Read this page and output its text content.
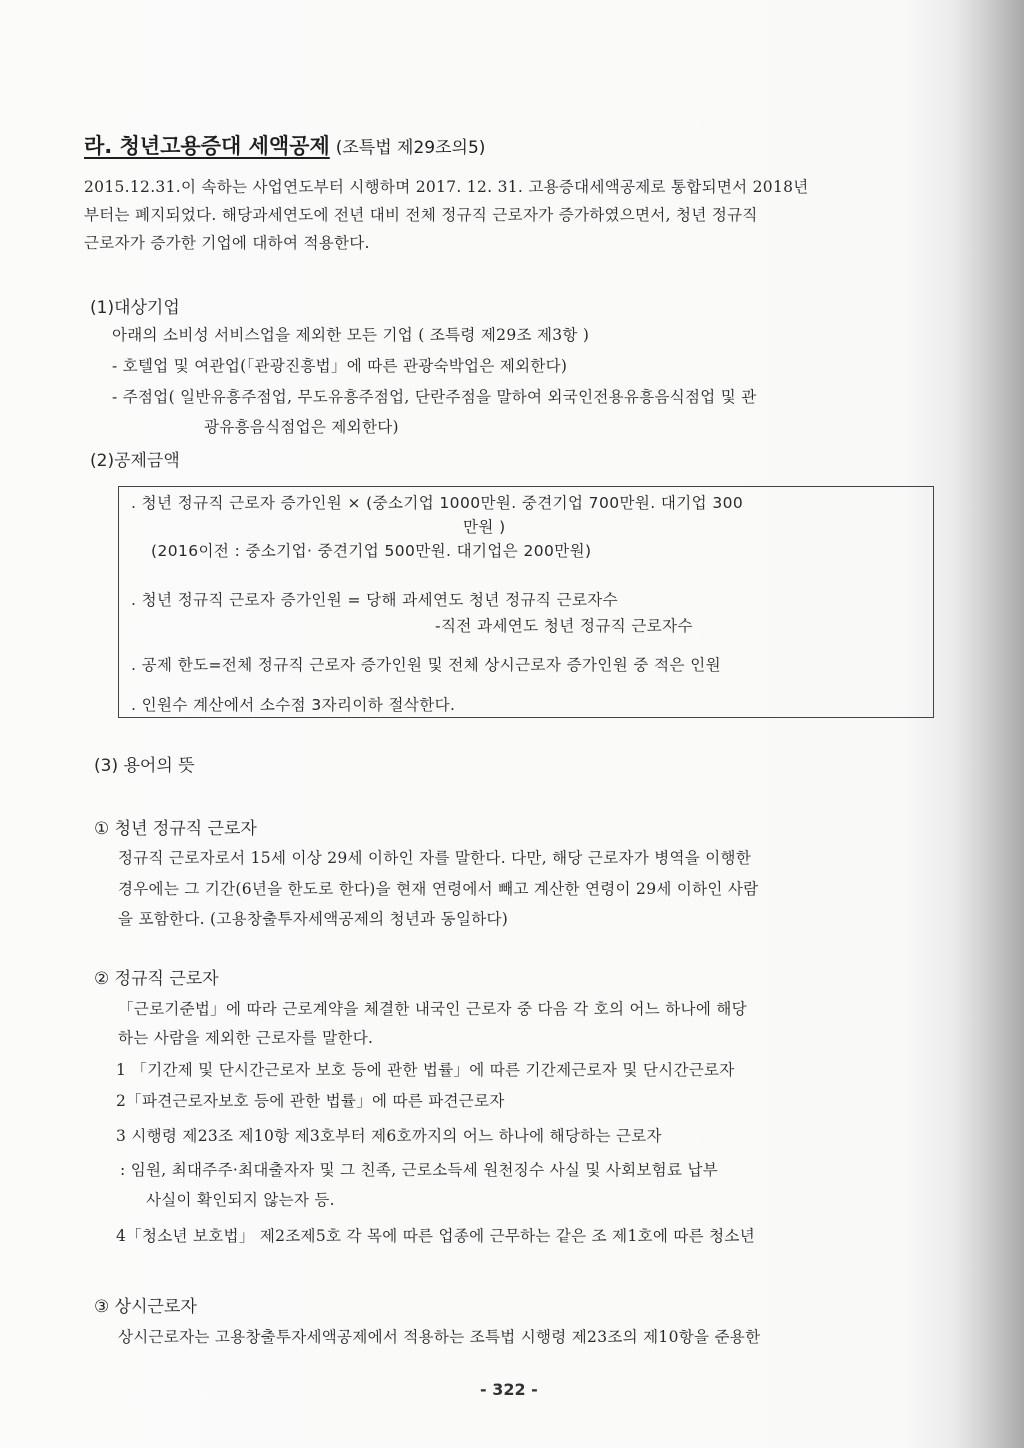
라. 청년고용증대 세액공제 (조특법 제29조의5)
2015.12.31.이 속하는 사업연도부터 시행하며 2017. 12. 31. 고용증대세액공제로 통합되면서 2018년
부터는 폐지되었다. 해당과세연도에 전년 대비 전체 정규직 근로자가 증가하였으면서, 청년 정규직
근로자가 증가한 기업에 대하여 적용한다.
(1)대상기업
아래의 소비성 서비스업을 제외한 모든 기업 ( 조특령 제29조 제3항 )
- 호텔업 및 여관업(「관광진흥법」에 따른 관광숙박업은 제외한다)
- 주점업( 일반유흥주점업, 무도유흥주점업, 단란주점을 말하여 외국인전용유흥음식점업 및 관
광유흥음식점업은 제외한다)
(2)공제금액
. 청년 정규직 근로자 증가인원 × (중소기업 1000만원. 중견기업 700만원. 대기업 300
만원 )
(2016이전 : 중소기업· 중견기업 500만원. 대기업은 200만원)
. 청년 정규직 근로자 증가인원 = 당해 과세연도 청년 정규직 근로자수
-직전 과세연도 청년 정규직 근로자수
. 공제 한도=전체 정규직 근로자 증가인원 및 전체 상시근로자 증가인원 중 적은 인원
. 인원수 계산에서 소수점 3자리이하 절삭한다.
(3) 용어의 뜻
① 청년 정규직 근로자
정규직 근로자로서 15세 이상 29세 이하인 자를 말한다. 다만, 해당 근로자가 병역을 이행한
경우에는 그 기간(6년을 한도로 한다)을 현재 연령에서 빼고 계산한 연령이 29세 이하인 사람
을 포함한다. (고용창출투자세액공제의 청년과 동일하다)
② 정규직 근로자
「근로기준법」에 따라 근로계약을 체결한 내국인 근로자 중 다음 각 호의 어느 하나에 해당
하는 사람을 제외한 근로자를 말한다.
1 「기간제 및 단시간근로자 보호 등에 관한 법률」에 따른 기간제근로자 및 단시간근로자
2「파견근로자보호 등에 관한 법률」에 따른 파견근로자
3 시행령 제23조 제10항 제3호부터 제6호까지의 어느 하나에 해당하는 근로자
: 임원, 최대주주·최대출자자 및 그 친족, 근로소득세 원천징수 사실 및 사회보험료 납부
사실이 확인되지 않는자 등.
4「청소년 보호법」 제2조제5호 각 목에 따른 업종에 근무하는 같은 조 제1호에 따른 청소년
③ 상시근로자
상시근로자는 고용창출투자세액공제에서 적용하는 조특법 시행령 제23조의 제10항을 준용한
- 322 -
